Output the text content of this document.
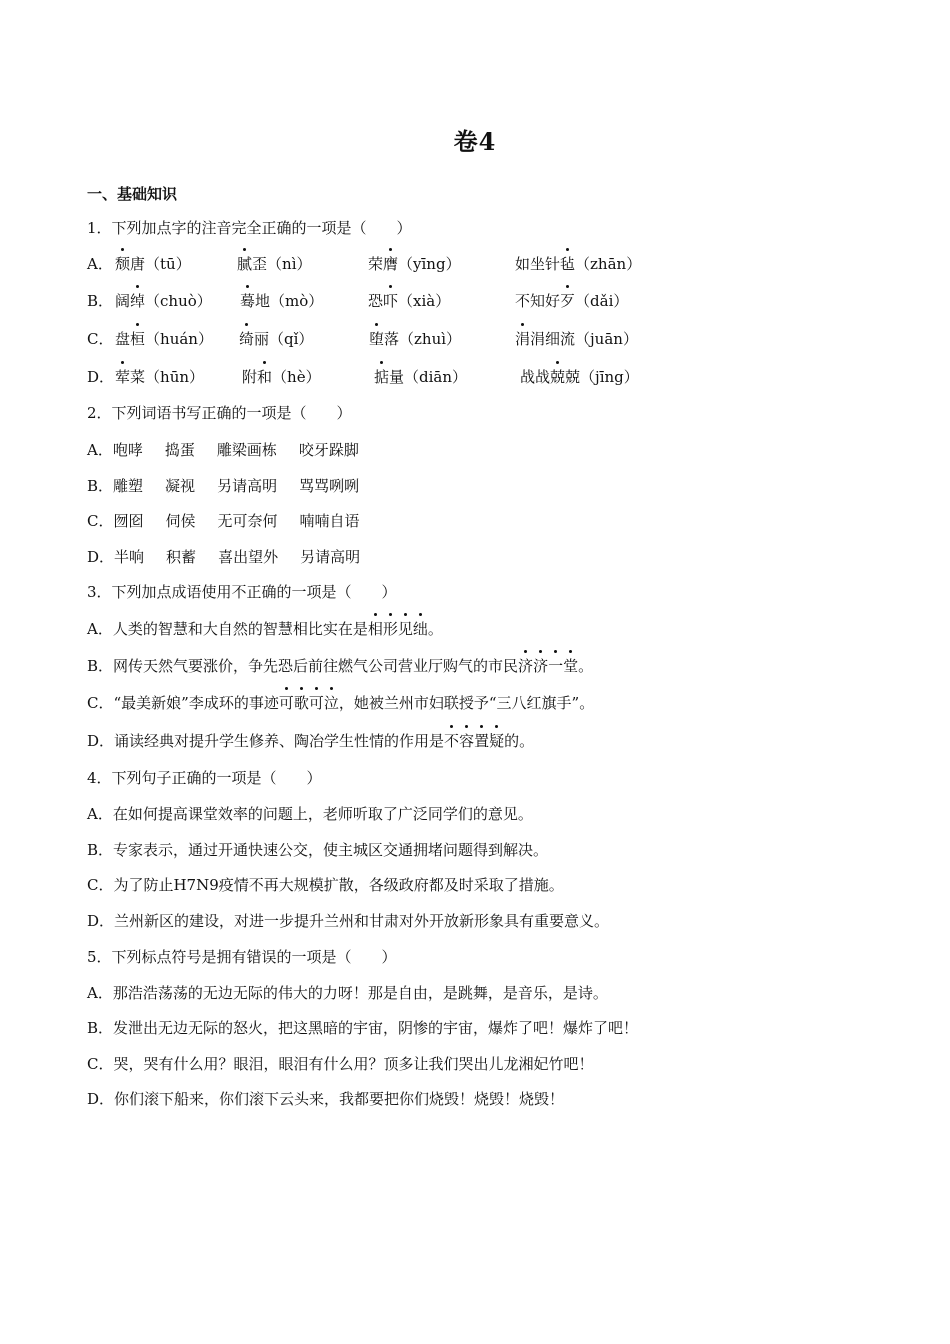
卷4
一、基础知识
1．下列加点字的注音完全正确的一项是（　　）
A． 颓唐（tū）	腻歪（nì）	荣膺（yīng）	如坐针毡（zhān）
B． 阔绰（chuò） 蓦地（mò）	恐吓（xià）	不知好歹（dǎi）
C． 盘桓（huán） 绮丽（qǐ）	堕落（zhuì）	涓涓细流（juān）
D． 荤菜（hūn）	附和（hè）	掂量（diān）	战战兢兢（jīng）
2．下列词语书写正确的一项是（　　）
A．咆哮 捣蛋 雕梁画栋 咬牙跺脚
B．雕塑 凝视 另请高明 骂骂咧咧
C．囫囵 伺侯 无可奈何 喃喃自语
D．半响 积蓄 喜出望外 另请高明
3．下列加点成语使用不正确的一项是（　　）
A．人类的智慧和大自然的智慧相比实在是相形见绌。
B．网传天然气要涨价，争先恐后前往燃气公司营业厅购气的市民济济一堂。
C．“最美新娘”李成环的事迹可歌可泣，她被兰州市妇联授予“三八红旗手”。
D．诵读经典对提升学生修养、陶冶学生性情的作用是不容置疑的。
4．下列句子正确的一项是（　　）
A．在如何提高课堂效率的问题上，老师听取了广泛同学们的意见。
B．专家表示，通过开通快速公交，使主城区交通拥堵问题得到解决。
C．为了防止H7N9疫情不再大规模扩散，各级政府都及时采取了措施。
D．兰州新区的建设，对进一步提升兰州和甘肃对外开放新形象具有重要意义。
5．下列标点符号是拥有错误的一项是（　　）
A．那浩浩荡荡的无边无际的伟大的力呀！那是自由，是跳舞，是音乐，是诗。
B．发泄出无边无际的怒火，把这黑暗的宇宙，阴惨的宇宙，爆炸了吧！爆炸了吧！
C．哭，哭有什么用？眼泪，眼泪有什么用？顶多让我们哭出儿龙湘妃竹吧！
D．你们滚下船来，你们滚下云头来，我都要把你们烧毁！烧毁！烧毁！
